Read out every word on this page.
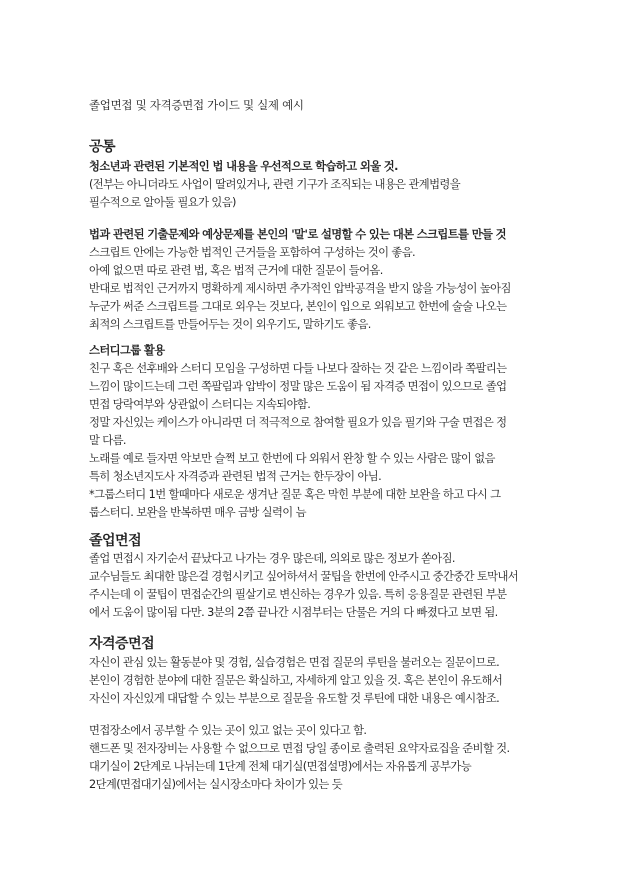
졸업면접 및 자격증면접 가이드 및 실제 예시
공통
청소년과 관련된 기본적인 법 내용을 우선적으로 학습하고 외울 것.
(전부는 아니더라도 사업이 딸려있거나, 관련 기구가 조직되는 내용은 관계법령을
필수적으로 알아둘 필요가 있음)
법과 관련된 기출문제와 예상문제를 본인의 '말'로 설명할 수 있는 대본 스크립트를 만들 것
스크립트 안에는 가능한 법적인 근거들을 포함하여 구성하는 것이 좋음.
아예 없으면 따로 관련 법, 혹은 법적 근거에 대한 질문이 들어옴.
반대로 법적인 근거까지 명확하게 제시하면 추가적인 압박공격을 받지 않을 가능성이 높아짐
누군가 써준 스크립트를 그대로 외우는 것보다, 본인이 입으로 외워보고 한번에 술술 나오는
최적의 스크립트를 만들어두는 것이 외우기도, 말하기도 좋음.
스터디그룹 활용
친구 혹은 선후배와 스터디 모임을 구성하면 다들 나보다 잘하는 것 같은 느낌이라 쪽팔리는
느낌이 많이드는데 그런 쪽팔림과 압박이 정말 많은 도움이 됨 자격증 면접이 있으므로 졸업
면접 당락여부와 상관없이 스터디는 지속되야함.
정말 자신있는 케이스가 아니라면 더 적극적으로 참여할 필요가 있음 필기와 구술 면접은 정
말 다름.
노래를 예로 들자면 악보만 슬쩍 보고 한번에 다 외워서 완창 할 수 있는 사람은 많이 없음
특히 청소년지도사 자격증과 관련된 법적 근거는 한두장이 아님.
*그룹스터디 1번 할때마다 새로운 생겨난 질문 혹은 막힌 부분에 대한 보완을 하고 다시 그
룹스터디. 보완을 반복하면 매우 금방 실력이 늠
졸업면접
졸업 면접시 자기순서 끝났다고 나가는 경우 많은데, 의외로 많은 정보가 쏟아짐.
교수님들도 최대한 많은걸 경험시키고 싶어하셔서 꿀팁을 한번에 안주시고 중간중간 토막내서
주시는데 이 꿀팁이 면접순간의 필살기로 변신하는 경우가 있음. 특히 응용질문 관련된 부분
에서 도움이 많이됨 다만. 3분의 2쯤 끝나간 시점부터는 단물은 거의 다 빠졌다고 보면 됨.
자격증면접
자신이 관심 있는 활동분야 및 경험, 실습경험은 면접 질문의 루틴을 불러오는 질문이므로.
본인이 경험한 분야에 대한 질문은 확실하고, 자세하게 알고 있을 것. 혹은 본인이 유도해서
자신이 자신있게 대답할 수 있는 부분으로 질문을 유도할 것 루틴에 대한 내용은 예시참조.
면접장소에서 공부할 수 있는 곳이 있고 없는 곳이 있다고 함.
핸드폰 및 전자장비는 사용할 수 없으므로 면접 당일 종이로 출력된 요약자료집을 준비할 것.
대기실이 2단계로 나뉘는데 1단계 전체 대기실(면접설명)에서는 자유롭게 공부가능
2단계(면접대기실)에서는 실시장소마다 차이가 있는 듯
